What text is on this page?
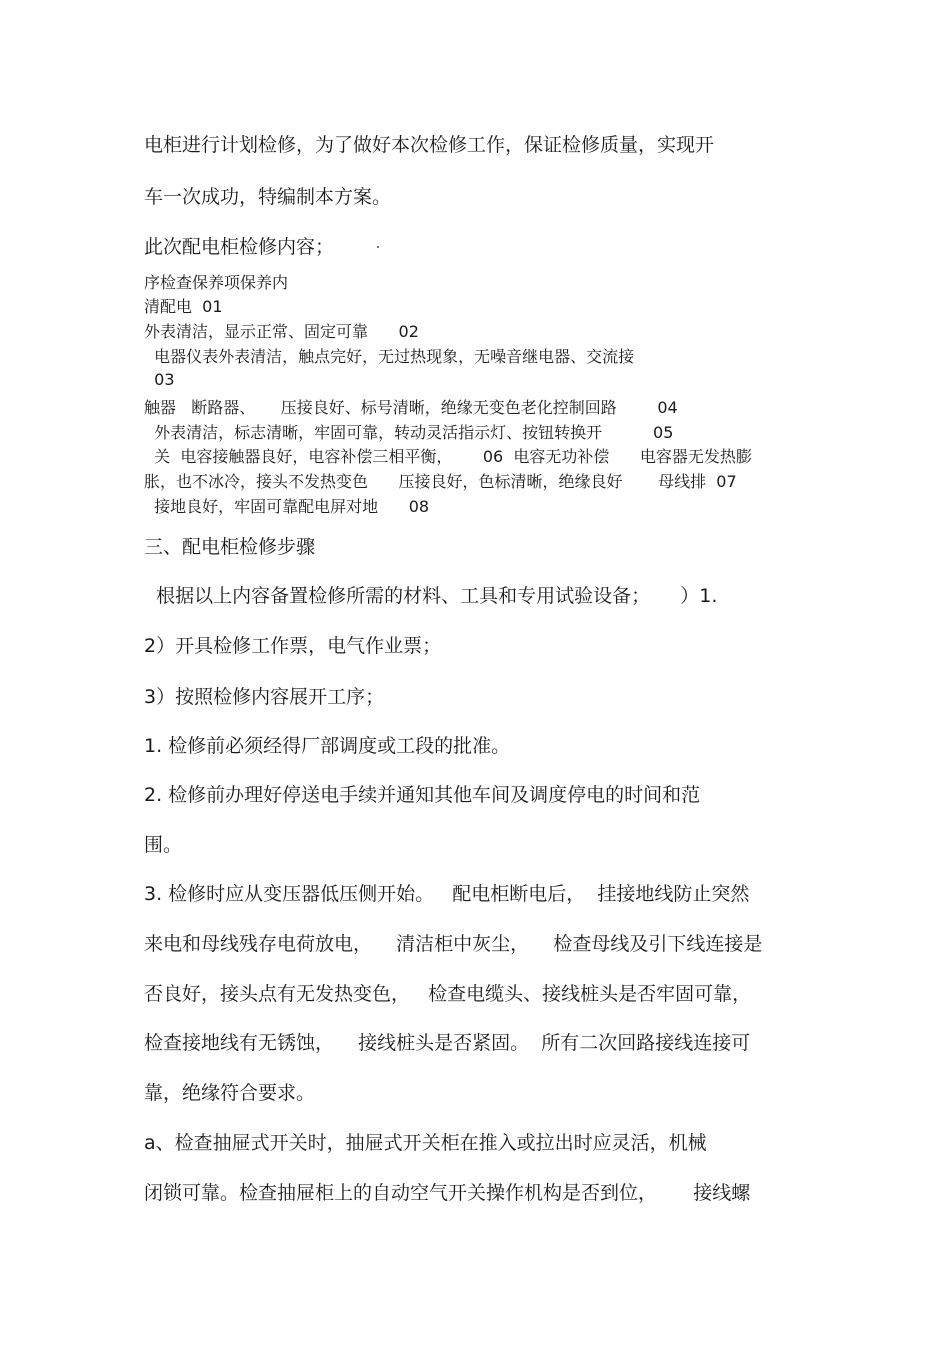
电柜进行计划检修，为了做好本次检修工作，保证检修质量，实现开
车一次成功，特编制本方案。
此次配电柜检修内容；
序检查保养项保养内
清配电  01
外表清洁，显示正常、固定可靠      02
电器仪表外表清洁，触点完好，无过热现象，无噪音继电器、交流接
03
触器   断路器、     压接良好、标号清晰，绝缘无变色老化控制回路        04
外表清洁，标志清晰，牢固可靠，转动灵活指示灯、按钮转换开          05
关  电容接触器良好，电容补偿三相平衡，      06  电容无功补偿      电容器无发热膨
胀，也不冰冷，接头不发热变色      压接良好，色标清晰，绝缘良好       母线排  07
接地良好，牢固可靠配电屏对地      08
三、配电柜检修步骤
根据以上内容备置检修所需的材料、工具和专用试验设备；     ）1.
2）开具检修工作票，电气作业票；
3）按照检修内容展开工序；
1. 检修前必须经得厂部调度或工段的批准。
2. 检修前办理好停送电手续并通知其他车间及调度停电的时间和范
围。
3. 检修时应从变压器低压侧开始。   配电柜断电后，  挂接地线防止突然
来电和母线残存电荷放电，    清洁柜中灰尘，    检查母线及引下线连接是
否良好，接头点有无发热变色，   检查电缆头、接线桩头是否牢固可靠，
检查接地线有无锈蚀，    接线桩头是否紧固。  所有二次回路接线连接可
靠，绝缘符合要求。
a、检查抽屉式开关时，抽屉式开关柜在推入或拉出时应灵活，机械
闭锁可靠。检查抽屉柜上的自动空气开关操作机构是否到位，      接线螺
